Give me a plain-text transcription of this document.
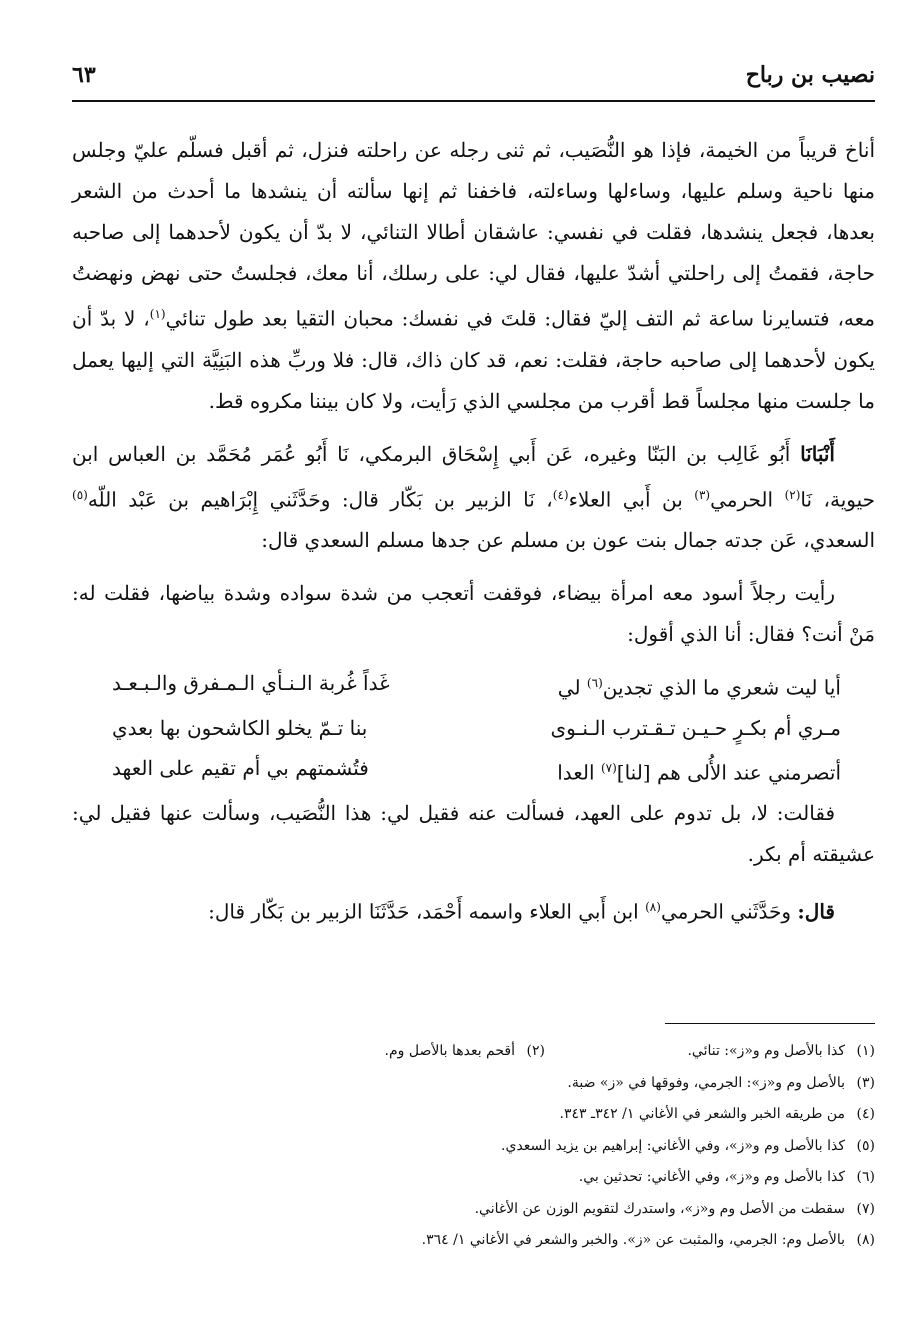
نصيب بن رباح
٦٣

أناخ قريباً من الخيمة، فإذا هو النُّصَيب، ثم ثنى رجله عن راحلته فنزل، ثم أقبل فسلّم عليّ وجلس منها ناحية وسلم عليها، وساءلها وساءلته، فاخفنا ثم إنها سألته أن ينشدها ما أحدث من الشعر بعدها، فجعل ينشدها، فقلت في نفسي: عاشقان أطالا التنائي، لا بدّ أن يكون لأحدهما إلى صاحبه حاجة، فقمتُ إلى راحلتي أشدّ عليها، فقال لي: على رسلك، أنا معك، فجلستُ حتى نهض ونهضتُ معه، فتسايرنا ساعة ثم التف إليّ فقال: قلتَ في نفسك: محبان التقيا بعد طول تنائي$^{(١)}$، لا بدّ أن يكون لأحدهما إلى صاحبه حاجة، فقلت: نعم، قد كان ذاك، قال: فلا وربِّ هذه البَنِيَّة التي إليها يعمل ما جلست منها مجلساً قط أقرب من مجلسي الذي رَأيت، ولا كان بيننا مكروه قط.

أَنْبَانَا أَبُو غَالِب بن البَنّا وغيره، عَن أَبي إِسْحَاق البرمكي، نَا أَبُو عُمَر مُحَمَّد بن العباس ابن حيوية، نَا$^{(٢)}$ الحرمي$^{(٣)}$ بن أَبي العلاء$^{(٤)}$، نَا الزبير بن بَكّار قال: وحَدَّثَني إِبْرَاهيم بن عَبْد اللّه$^{(٥)}$ السعدي، عَن جدته جمال بنت عون بن مسلم عن جدها مسلم السعدي قال:

رأيت رجلاً أسود معه امرأة بيضاء، فوقفت أتعجب من شدة سواده وشدة بياضها، فقلت له: مَنْ أنت؟ فقال: أنا الذي أقول:

أيا ليت شعري ما الذي تجدين$^{(٦)}$ لي
غَداً غُربة الـنـأي الـمـفرق والـبـعـد
مـري أم بكـرٍ حـيـن تـقـترب الـنـوى
بنا تـمّ يخلو الكاشحون بها بعدي
أتصرمني عند الأُلى هم [لنا]$^{(٧)}$ العدا
فتُشمتهم بي أم تقيم على العهد

فقالت: لا، بل تدوم على العهد، فسألت عنه فقيل لي: هذا النُّصَيب، وسألت عنها فقيل لي: عشيقته أم بكر.

قال: وحَدَّثَني الحرمي$^{(٨)}$ ابن أَبي العلاء واسمه أَحْمَد، حَدَّثَنَا الزبير بن بَكّار قال:

(١)كذا بالأصل وم و«ز»: تنائي.
(٢)أقحم بعدها بالأصل وم.
(٣)بالأصل وم و«ز»: الجرمي، وفوقها في «ز» ضبة.
(٤)من طريقه الخبر والشعر في الأغاني ١/ ٣٤٢ـ ٣٤٣.
(٥)كذا بالأصل وم و«ز»، وفي الأغاني: إبراهيم بن يزيد السعدي.
(٦)كذا بالأصل وم و«ز»، وفي الأغاني: تحدثين بي.
(٧)سقطت من الأصل وم و«ز»، واستدرك لتقويم الوزن عن الأغاني.
(٨)بالأصل وم: الجرمي، والمثبت عن «ز». والخبر والشعر في الأغاني ١/ ٣٦٤.
